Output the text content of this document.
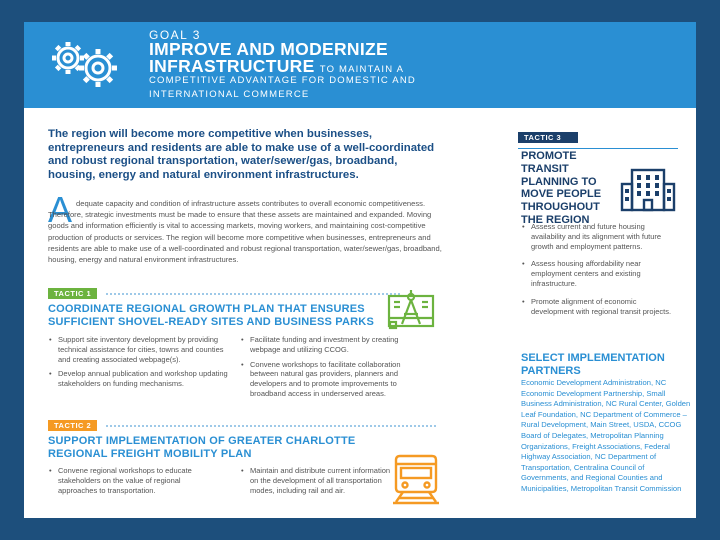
GOAL 3
IMPROVE AND MODERNIZE
INFRASTRUCTURE TO MAINTAIN A
COMPETITIVE ADVANTAGE FOR DOMESTIC AND INTERNATIONAL COMMERCE
The region will become more competitive when businesses, entrepreneurs and residents are able to make use of a well-coordinated and robust regional transportation, water/sewer/gas, broadband, housing, energy and natural environment infrastructures.
A dequate capacity and condition of infrastructure assets contributes to overall economic competitiveness. Therefore, strategic investments must be made to ensure that these assets are maintained and expanded. Moving goods and information efficiently is vital to accessing markets, moving workers, and maintaining cost-competitive production of products or services. The region will become more competitive when businesses, entrepreneurs and residents are able to make use of a well-coordinated and robust regional transportation, water/sewer/gas, broadband, housing, energy and natural environment infrastructures.
TACTIC 1
COORDINATE REGIONAL GROWTH PLAN THAT ENSURES SUFFICIENT SHOVEL-READY SITES AND BUSINESS PARKS
• Support site inventory development by providing technical assistance for cities, towns and counties and creating associated webpage(s).
• Develop annual publication and workshop updating stakeholders on funding mechanisms.
• Facilitate funding and investment by creating webpage and utilizing CCOG.
• Convene workshops to facilitate collaboration between natural gas providers, planners and developers and to promote improvements to broadband access in underserved areas.
TACTIC 2
SUPPORT IMPLEMENTATION OF GREATER CHARLOTTE REGIONAL FREIGHT MOBILITY PLAN
• Convene regional workshops to educate stakeholders on the value of regional approaches to transportation.
• Maintain and distribute current information on the development of all transportation modes, including rail and air.
TACTIC 3
PROMOTE TRANSIT PLANNING TO MOVE PEOPLE THROUGHOUT THE REGION
• Assess current and future housing availability and its alignment with future growth and employment patterns.
• Assess housing affordability near employment centers and existing infrastructure.
• Promote alignment of economic development with regional transit projects.
SELECT IMPLEMENTATION PARTNERS
Economic Development Administration, NC Economic Development Partnership, Small Business Administration, NC Rural Center, Golden Leaf Foundation, NC Department of Commerce – Rural Development, Main Street, USDA, CCOG Board of Delegates, Metropolitan Planning Organizations, Freight Associations, Federal Highway Association, NC Department of Transportation, Centralina Council of Governments, and Regional Counties and Municipalities, Metropolitan Transit Commission
